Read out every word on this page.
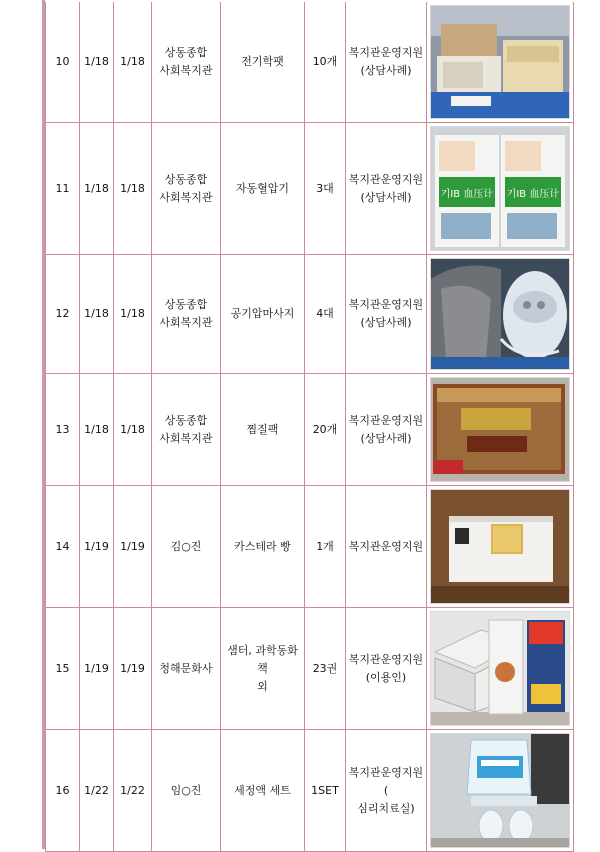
10	1/18	1/18	상동종합
사회복지관	전기학팻	10개	복지관운영지원
(상담사례)	

11	1/18	1/18	상동종합
사회복지관	자동혈압기	3대	복지관운영지원
(상담사례)	기IB 血压计 기IB 血压计

12	1/18	1/18	상동종합
사회복지관	공기압마사지	4대	복지관운영지원
(상담사례)	

13	1/18	1/18	상동종합
사회복지관	찜질팩	20개	복지관운영지원
(상담사례)	

14	1/19	1/19	김○진	카스테라 빵	1개	복지관운영지원	

15	1/19	1/19	청해문화사	샘터, 과학동화책
외	23권	복지관운영지원
(이용인)	

16	1/22	1/22	임○진	세정액 세트	1SET	복지관운영지원(
심리치료실)	
